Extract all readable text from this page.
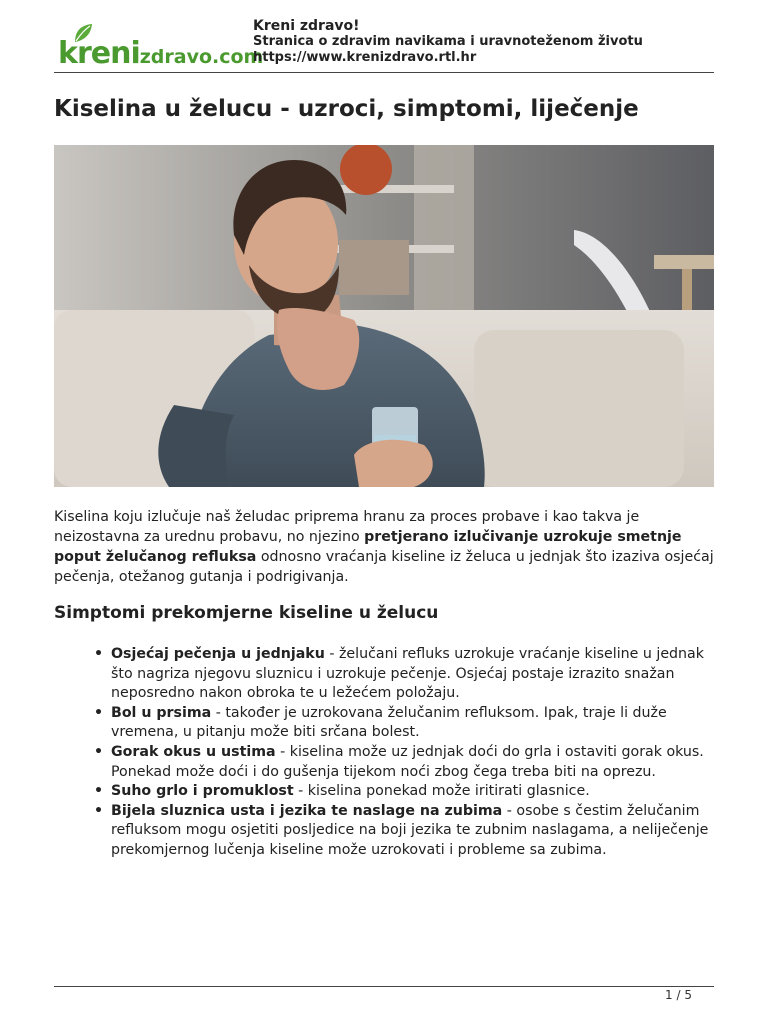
krenizdravo.com
Kreni zdravo!
Stranica o zdravim navikama i uravnoteženom životu
https://www.krenizdravo.rtl.hr
Kiselina u želucu - uzroci, simptomi, liječenje

Kiselina koju izlučuje naš želudac priprema hranu za proces probave i kao takva je neizostavna za urednu probavu, no njezino pretjerano izlučivanje uzrokuje smetnje poput želučanog refluksa odnosno vraćanja kiseline iz želuca u jednjak što izaziva osjećaj pečenja, otežanog gutanja i podrigivanja.

Simptomi prekomjerne kiseline u želucu
• Osjećaj pečenja u jednjaku - želučani refluks uzrokuje vraćanje kiseline u jednak što nagriza njegovu sluznicu i uzrokuje pečenje. Osjećaj postaje izrazito snažan neposredno nakon obroka te u ležećem položaju.
• Bol u prsima - također je uzrokovana želučanim refluksom. Ipak, traje li duže vremena, u pitanju može biti srčana bolest.
• Gorak okus u ustima - kiselina može uz jednjak doći do grla i ostaviti gorak okus. Ponekad može doći i do gušenja tijekom noći zbog čega treba biti na oprezu.
• Suho grlo i promuklost - kiselina ponekad može iritirati glasnice.
• Bijela sluznica usta i jezika te naslage na zubima - osobe s čestim želučanim refluksom mogu osjetiti posljedice na boji jezika te zubnim naslagama, a neliječenje prekomjernog lučenja kiseline može uzrokovati i probleme sa zubima.
1 / 5
